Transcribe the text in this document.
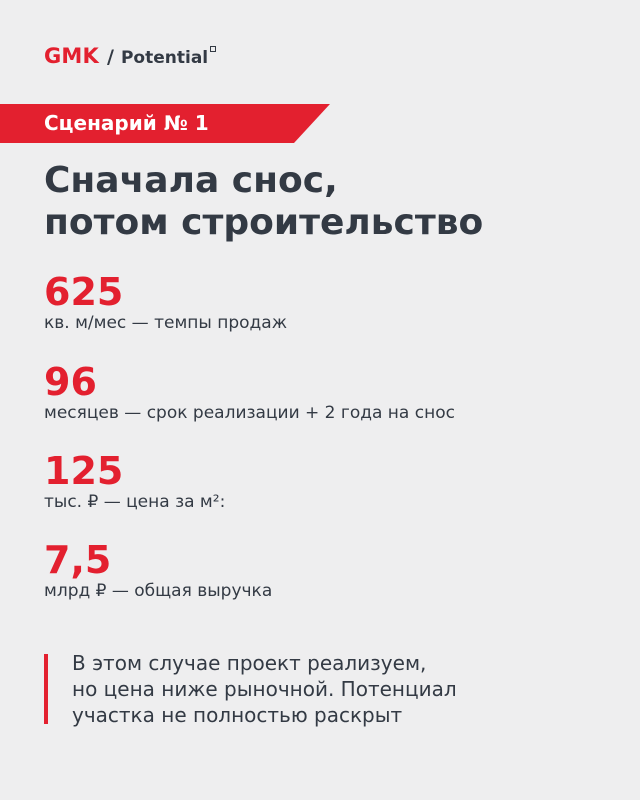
GMK / Potential
Сценарий № 1
Сначала снос,
потом строительство
625
кв. м/мес — темпы продаж
96
месяцев — срок реализации + 2 года на снос
125
тыс. ₽ — цена за м²:
7,5
млрд ₽ — общая выручка
В этом случае проект реализуем,
но цена ниже рыночной. Потенциал
участка не полностью раскрыт
